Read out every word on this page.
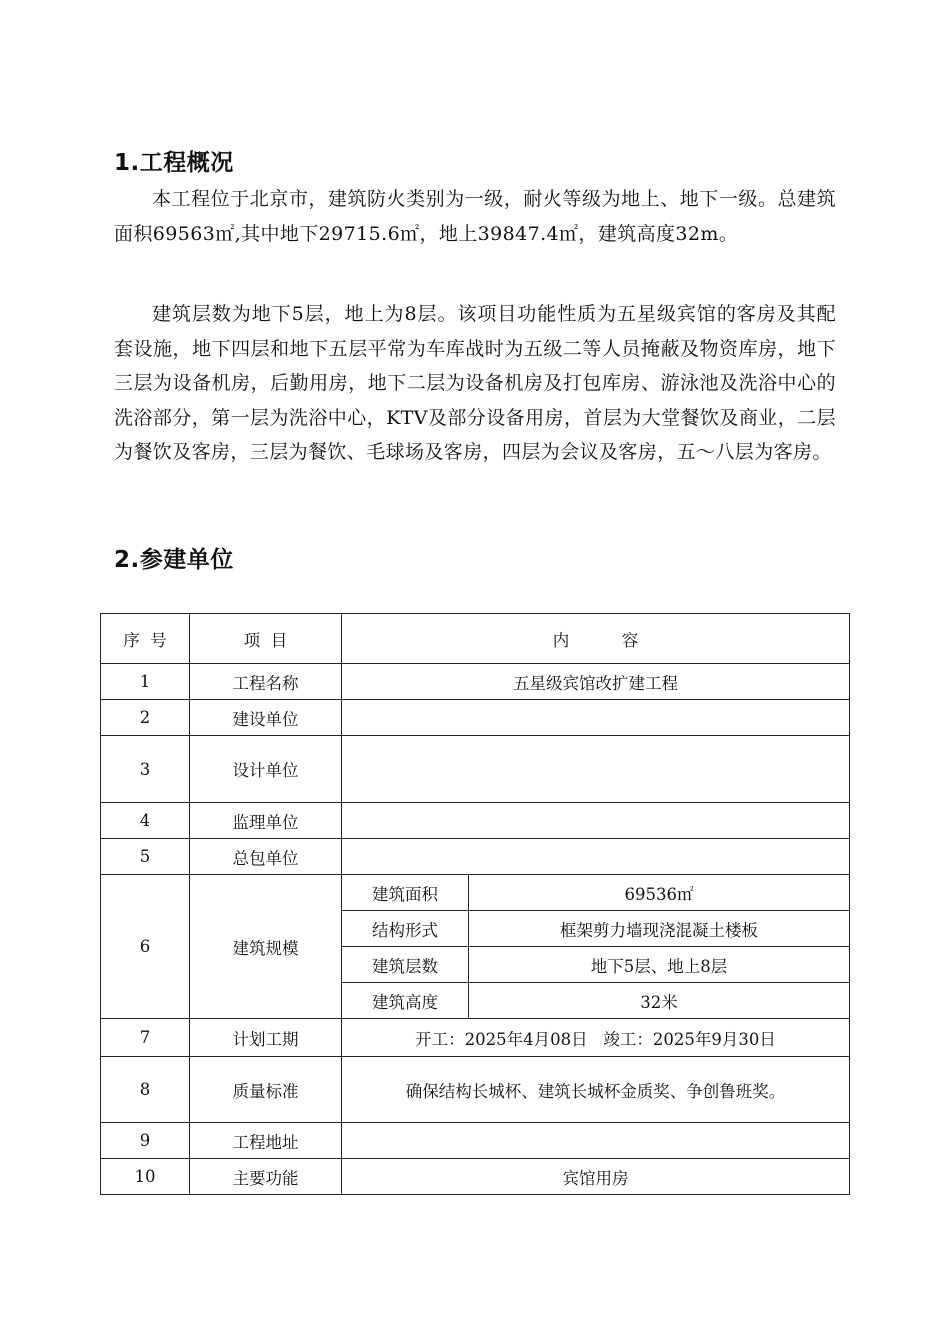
1.工程概况

本工程位于北京市，建筑防火类别为一级，耐火等级为地上、地下一级。总建筑面积69563㎡,其中地下29715.6㎡，地上39847.4㎡，建筑高度32m。

建筑层数为地下5层，地上为8层。该项目功能性质为五星级宾馆的客房及其配套设施，地下四层和地下五层平常为车库战时为五级二等人员掩蔽及物资库房，地下三层为设备机房，后勤用房，地下二层为设备机房及打包库房、游泳池及洗浴中心的洗浴部分，第一层为洗浴中心，KTV及部分设备用房，首层为大堂餐饮及商业，二层为餐饮及客房，三层为餐饮、毛球场及客房，四层为会议及客房，五～八层为客房。

2.参建单位
序  号	项  目	内          容	
1	工程名称	五星级宾馆改扩建工程	
2	建设单位		
3	设计单位		
4	监理单位		
5	总包单位		
6	建筑规模	建筑面积	69536㎡
		结构形式	框架剪力墙现浇混凝土楼板
		建筑层数	地下5层、地上8层
		建筑高度	32米
7	计划工期	开工：2025年4月08日   竣工：2025年9月30日	
8	质量标准	确保结构长城杯、建筑长城杯金质奖、争创鲁班奖。	
9	工程地址		
10	主要功能	宾馆用房	
